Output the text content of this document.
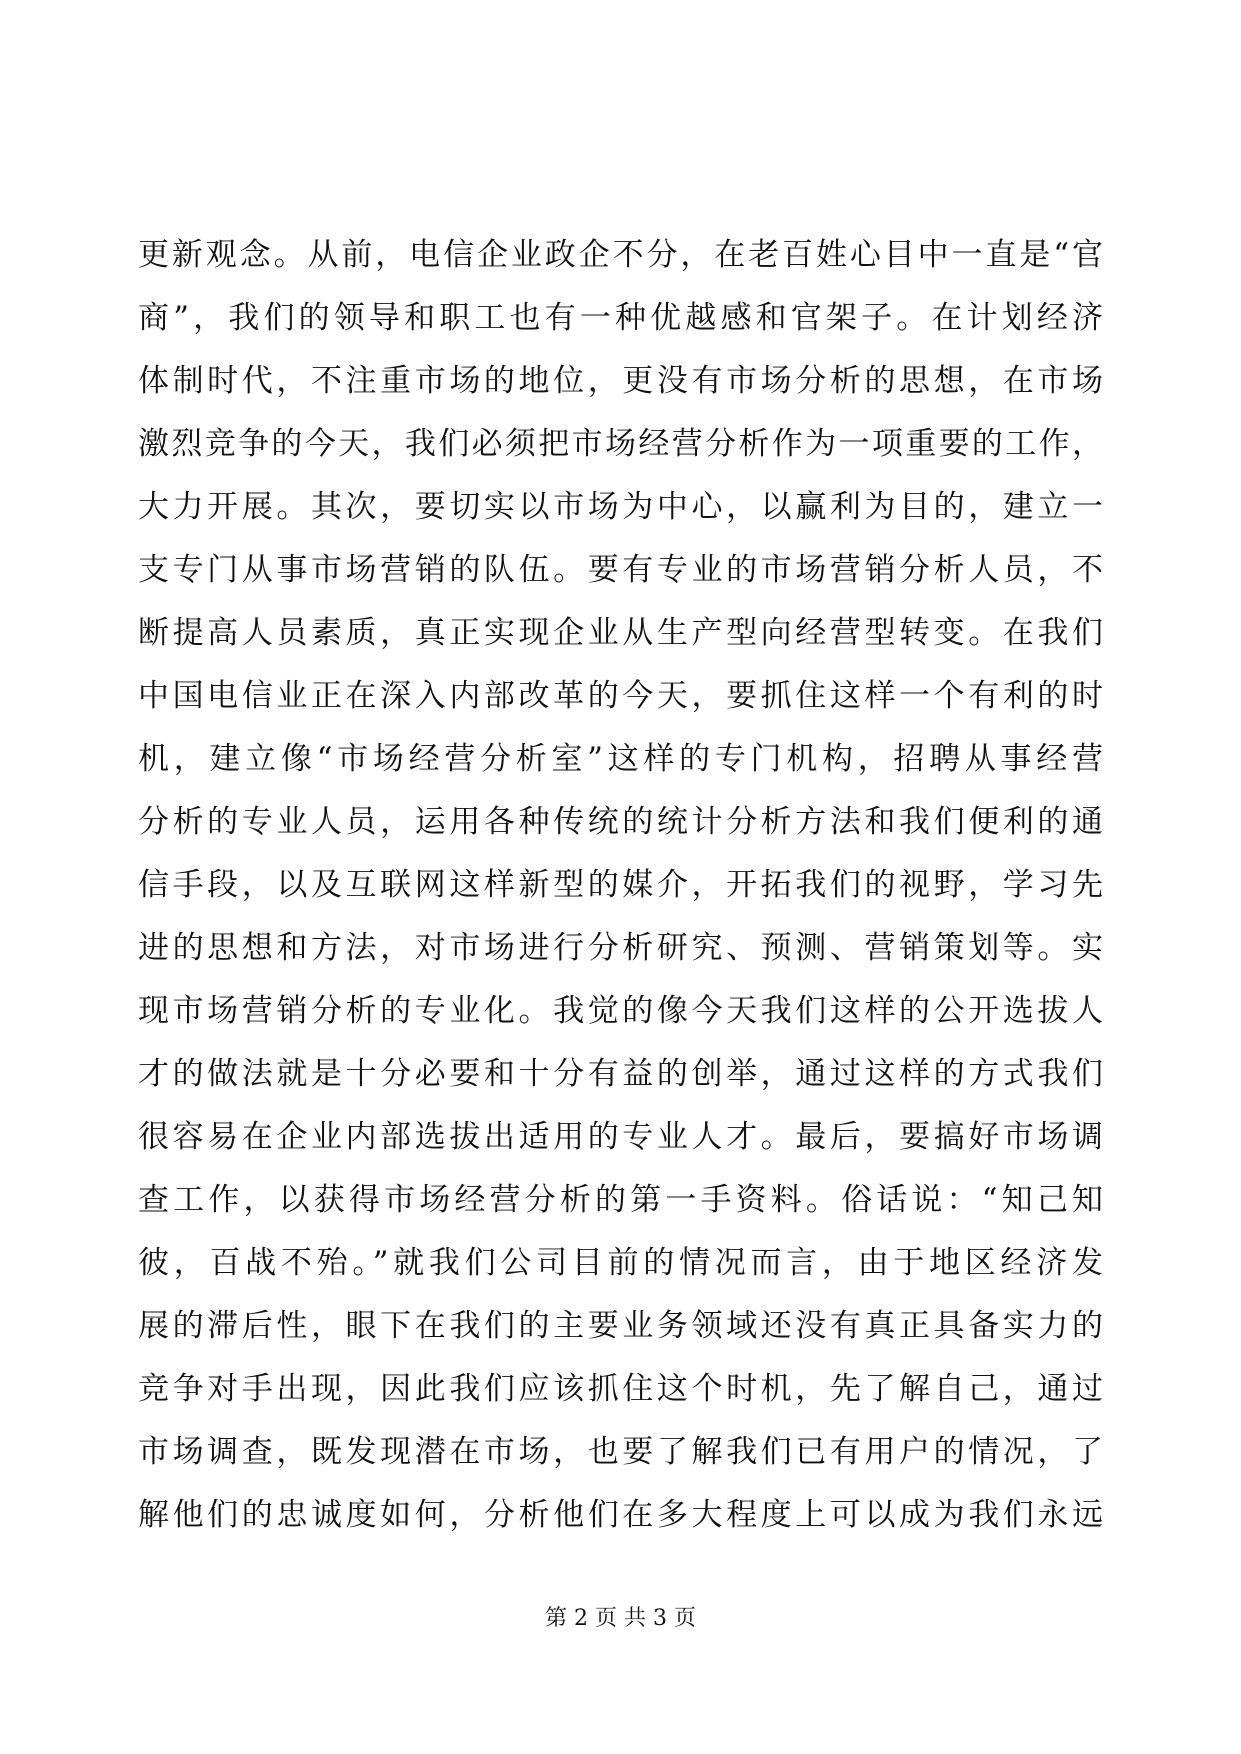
更新观念。从前，电信企业政企不分，在老百姓心目中一直是“官
商”，我们的领导和职工也有一种优越感和官架子。在计划经济
体制时代，不注重市场的地位，更没有市场分析的思想，在市场
激烈竞争的今天，我们必须把市场经营分析作为一项重要的工作，
大力开展。其次，要切实以市场为中心，以赢利为目的，建立一
支专门从事市场营销的队伍。要有专业的市场营销分析人员，不
断提高人员素质，真正实现企业从生产型向经营型转变。在我们
中国电信业正在深入内部改革的今天，要抓住这样一个有利的时
机，建立像“市场经营分析室”这样的专门机构，招聘从事经营
分析的专业人员，运用各种传统的统计分析方法和我们便利的通
信手段，以及互联网这样新型的媒介，开拓我们的视野，学习先
进的思想和方法，对市场进行分析研究、预测、营销策划等。实
现市场营销分析的专业化。我觉的像今天我们这样的公开选拔人
才的做法就是十分必要和十分有益的创举，通过这样的方式我们
很容易在企业内部选拔出适用的专业人才。最后，要搞好市场调
查工作，以获得市场经营分析的第一手资料。俗话说：“知己知
彼，百战不殆。”就我们公司目前的情况而言，由于地区经济发
展的滞后性，眼下在我们的主要业务领域还没有真正具备实力的
竞争对手出现，因此我们应该抓住这个时机，先了解自己，通过
市场调查，既发现潜在市场，也要了解我们已有用户的情况，了
解他们的忠诚度如何，分析他们在多大程度上可以成为我们永远
第 2 页 共 3 页
